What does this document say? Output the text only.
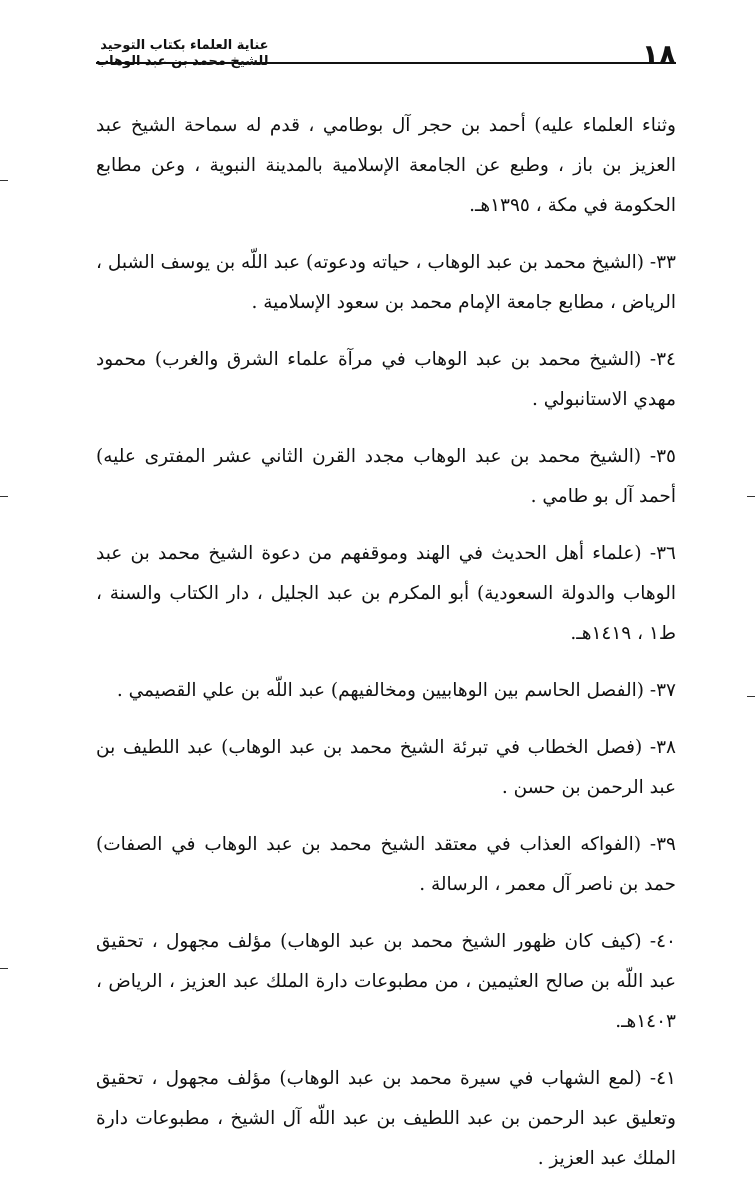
١٨
عناية العلماء بكتاب التوحيد
للشيخ محمد بن عبد الوهاب

وثناء العلماء عليه) أحمد بن حجر آل بوطامي ، قدم له سماحة الشيخ عبد العزيز بن باز ، وطبع عن الجامعة الإسلامية بالمدينة النبوية ، وعن مطابع الحكومة في مكة ، ١٣٩٥هـ.

٣٣- (الشيخ محمد بن عبد الوهاب ، حياته ودعوته) عبد اللّه بن يوسف الشبل ، الرياض ، مطابع جامعة الإمام محمد بن سعود الإسلامية .

٣٤- (الشيخ محمد بن عبد الوهاب في مرآة علماء الشرق والغرب) محمود مهدي الاستانبولي .

٣٥- (الشيخ محمد بن عبد الوهاب مجدد القرن الثاني عشر المفترى عليه) أحمد آل بو طامي .

٣٦- (علماء أهل الحديث في الهند وموقفهم من دعوة الشيخ محمد بن عبد الوهاب والدولة السعودية) أبو المكرم بن عبد الجليل ، دار الكتاب والسنة ، ط١ ، ١٤١٩هـ.

٣٧- (الفصل الحاسم بين الوهابيين ومخالفيهم) عبد اللّه بن علي القصيمي .

٣٨- (فصل الخطاب في تبرئة الشيخ محمد بن عبد الوهاب) عبد اللطيف بن عبد الرحمن بن حسن .

٣٩- (الفواكه العذاب في معتقد الشيخ محمد بن عبد الوهاب في الصفات) حمد بن ناصر آل معمر ، الرسالة .

٤٠- (كيف كان ظهور الشيخ محمد بن عبد الوهاب) مؤلف مجهول ، تحقيق عبد اللّه بن صالح العثيمين ، من مطبوعات دارة الملك عبد العزيز ، الرياض ، ١٤٠٣هـ.

٤١- (لمع الشهاب في سيرة محمد بن عبد الوهاب) مؤلف مجهول ، تحقيق وتعليق عبد الرحمن بن عبد اللطيف بن عبد اللّه آل الشيخ ، مطبوعات دارة الملك عبد العزيز .
